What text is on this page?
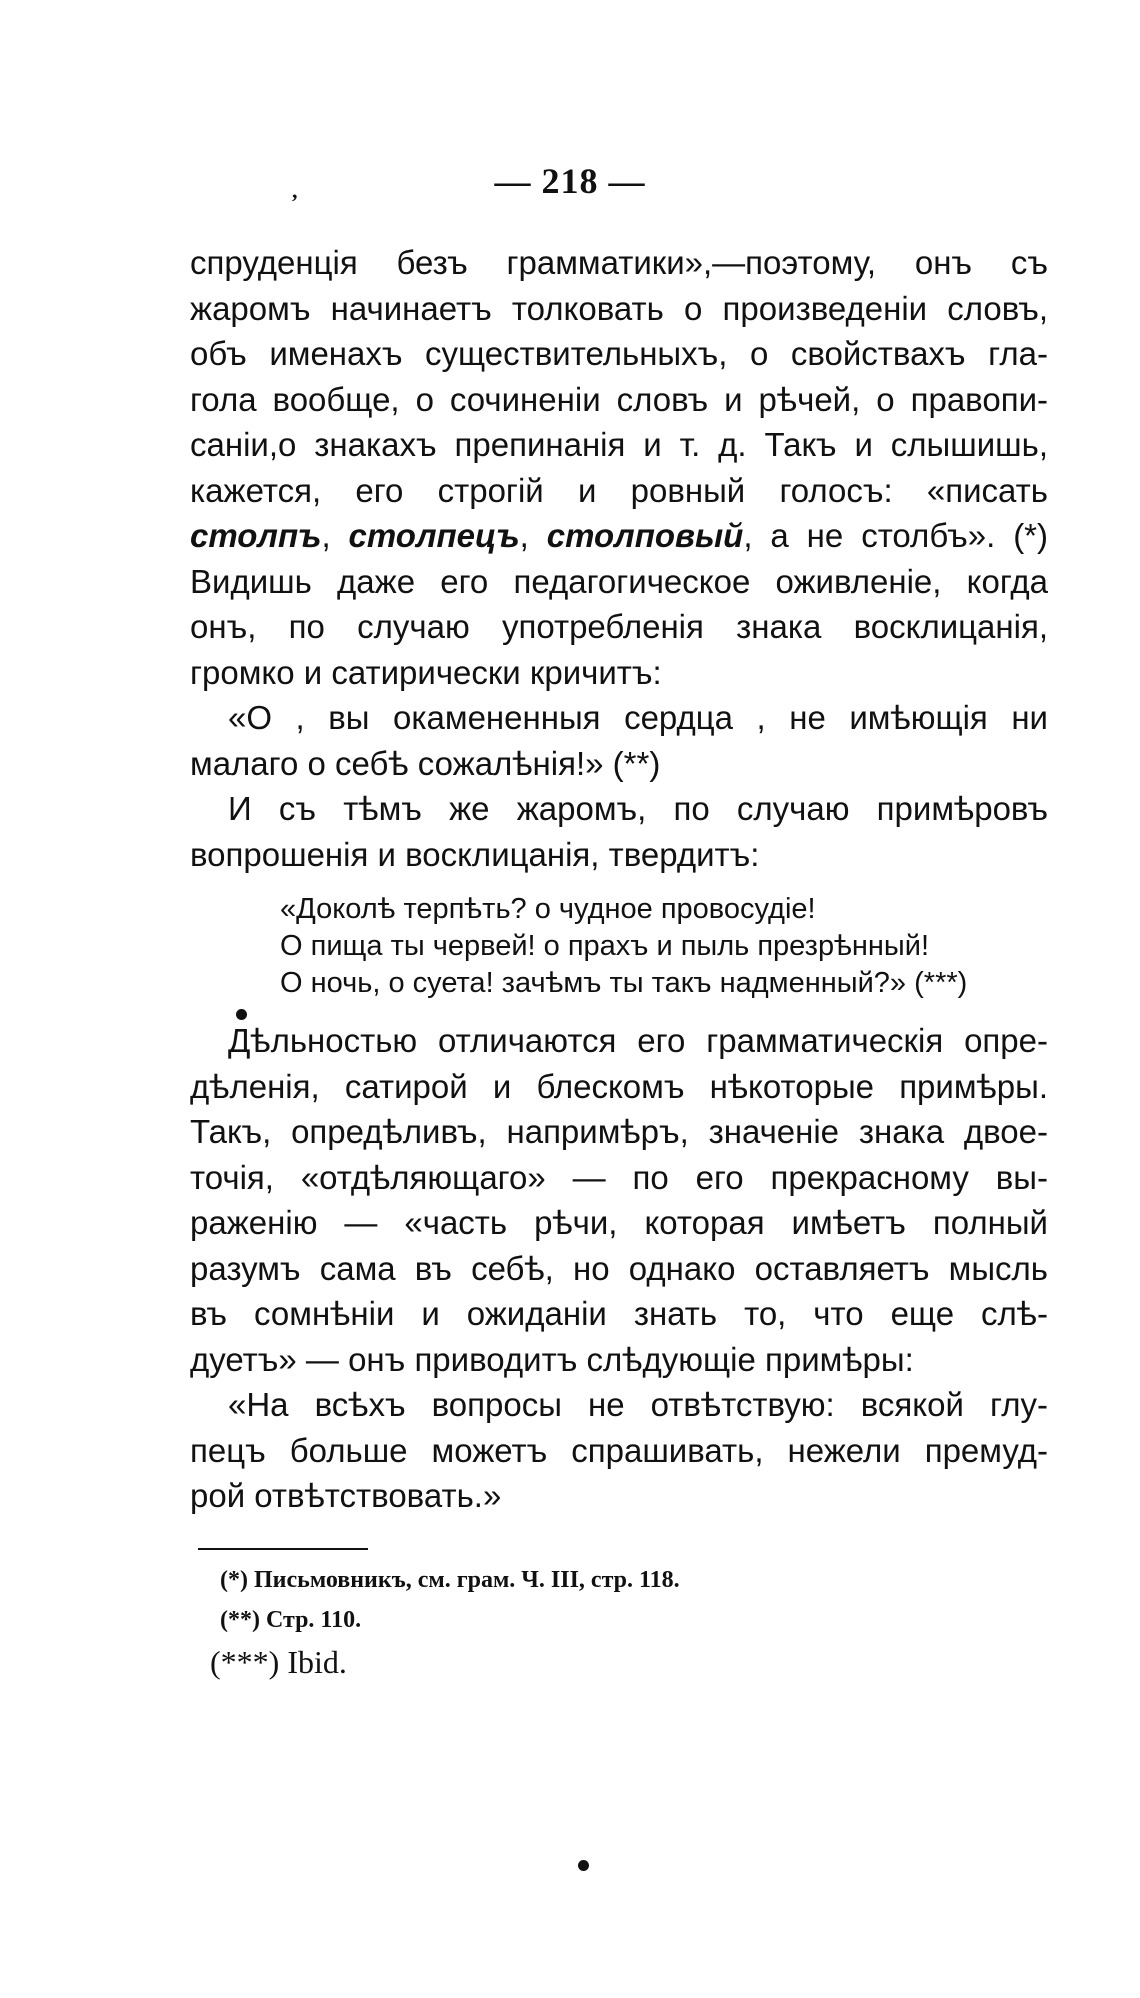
,	— 218 —
спруденція безъ грамматики»,—поэтому, онъ съ
жаромъ начинаетъ толковать о произведеніи словъ,
объ именахъ существительныхъ, о свойствахъ гла-
гола вообще, о сочиненіи словъ и рѣчей, о правопи-
саніи,о знакахъ препинанія и т. д. Такъ и слышишь,
кажется, его строгій и ровный голосъ: «писать
столпъ, столпецъ, столповый, а не столбъ». (*)
Видишь даже его педагогическое оживленіе, когда
онъ, по случаю употребленія знака восклицанія,
громко и сатирически кричитъ:
«О , вы окамененныя сердца , не имѣющія ни
малаго о себѣ сожалѣнія!» (**)
И съ тѣмъ же жаромъ, по случаю примѣровъ
вопрошенія и восклицанія, твердитъ:
«Доколѣ терпѣть? о чудное провосудіе!
О пища ты червей! о прахъ и пыль презрѣнный!
О ночь, о суета! зачѣмъ ты такъ надменный?» (***)
Дѣльностью отличаются его грамматическія опре-
дѣленія, сатирой и блескомъ нѣкоторые примѣры.
Такъ, опредѣливъ, напримѣръ, значеніе знака двое-
точія, «отдѣляющаго» — по его прекрасному вы-
раженію — «часть рѣчи, которая имѣетъ полный
разумъ сама въ себѣ, но однако оставляетъ мысль
въ сомнѣніи и ожиданіи знать то, что еще слѣ-
дуетъ» — онъ приводитъ слѣдующіе примѣры:
«На всѣхъ вопросы не отвѣтствую: всякой глу-
пецъ больше можетъ спрашивать, нежели премуд-
рой отвѣтствовать.»
(*) Письмовникъ, см. грам. Ч. III, стр. 118.
(**) Стр. 110.
(***) Ibid.
